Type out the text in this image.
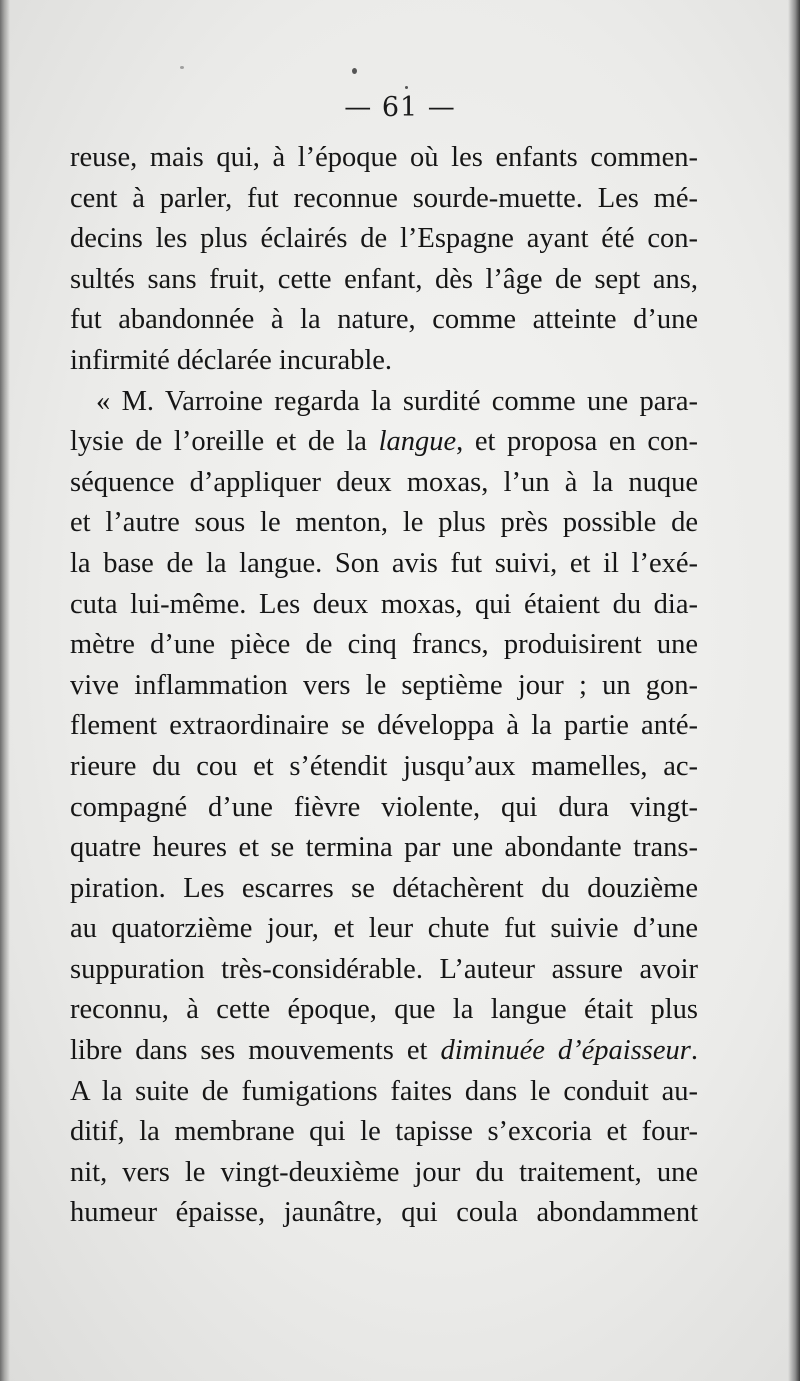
— 61 —
reuse, mais qui, à l’époque où les enfants commen-
cent à parler, fut reconnue sourde-muette. Les mé-
decins les plus éclairés de l’Espagne ayant été con-
sultés sans fruit, cette enfant, dès l’âge de sept ans,
fut abandonnée à la nature, comme atteinte d’une
infirmité déclarée incurable.
« M. Varroine regarda la surdité comme une para-
lysie de l’oreille et de la langue, et proposa en con-
séquence d’appliquer deux moxas, l’un à la nuque
et l’autre sous le menton, le plus près possible de
la base de la langue. Son avis fut suivi, et il l’exé-
cuta lui-même. Les deux moxas, qui étaient du dia-
mètre d’une pièce de cinq francs, produisirent une
vive inflammation vers le septième jour ; un gon-
flement extraordinaire se développa à la partie anté-
rieure du cou et s’étendit jusqu’aux mamelles, ac-
compagné d’une fièvre violente, qui dura vingt-
quatre heures et se termina par une abondante trans-
piration. Les escarres se détachèrent du douzième
au quatorzième jour, et leur chute fut suivie d’une
suppuration très-considérable. L’auteur assure avoir
reconnu, à cette époque, que la langue était plus
libre dans ses mouvements et diminuée d’épaisseur.
A la suite de fumigations faites dans le conduit au-
ditif, la membrane qui le tapisse s’excoria et four-
nit, vers le vingt-deuxième jour du traitement, une
humeur épaisse, jaunâtre, qui coula abondamment
